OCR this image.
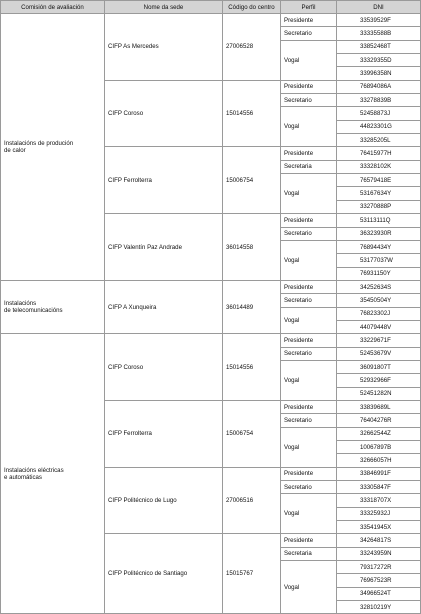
Comisión de avaliación	Nome da sede	Código do centro	Perfil	DNI

Instalacións de produción
de calor	CIFP As Mercedes	27006528	Presidente	33539529F
			Secretario	33335588B
			Vogal	33852468T
				33329355D
				33996358N
	CIFP Coroso	15014556	Presidente	76894086A
			Secretario	33278839B
			Vogal	52458873J
				44823301G
				33285205L
	CIFP Ferrolterra	15006754	Presidente	76415977H
			Secretaria	33328102K
			Vogal	76579418E
				53167634Y
				33270888P
	CIFP Valentín Paz Andrade	36014558	Presidente	53113111Q
			Secretario	36323930R
			Vogal	76894434Y
				53177037W
				76931150Y

Instalacións
de telecomunicacións	CIFP A Xunqueira	36014489	Presidente	34252634S
			Secretario	35450504Y
			Vogal	76823302J
				44079448V

Instalacións eléctricas
e automáticas	CIFP Coroso	15014556	Presidente	33229671F
			Secretario	52453679V
			Vogal	36091807T
				52932966F
				52451282N
	CIFP Ferrolterra	15006754	Presidente	33839689L
			Secretario	76404276R
			Vogal	32662544Z
				10067897B
				32666057H
	CIFP Politécnico de Lugo	27006516	Presidente	33846991F
			Secretario	33305847F
			Vogal	33318707X
				33325932J
				33541945X
	CIFP Politécnico de Santiago	15015767	Presidente	34264817S
			Secretaria	33243959N
			Vogal	79317272R
				76967523R
				34966524T
				32810219Y
